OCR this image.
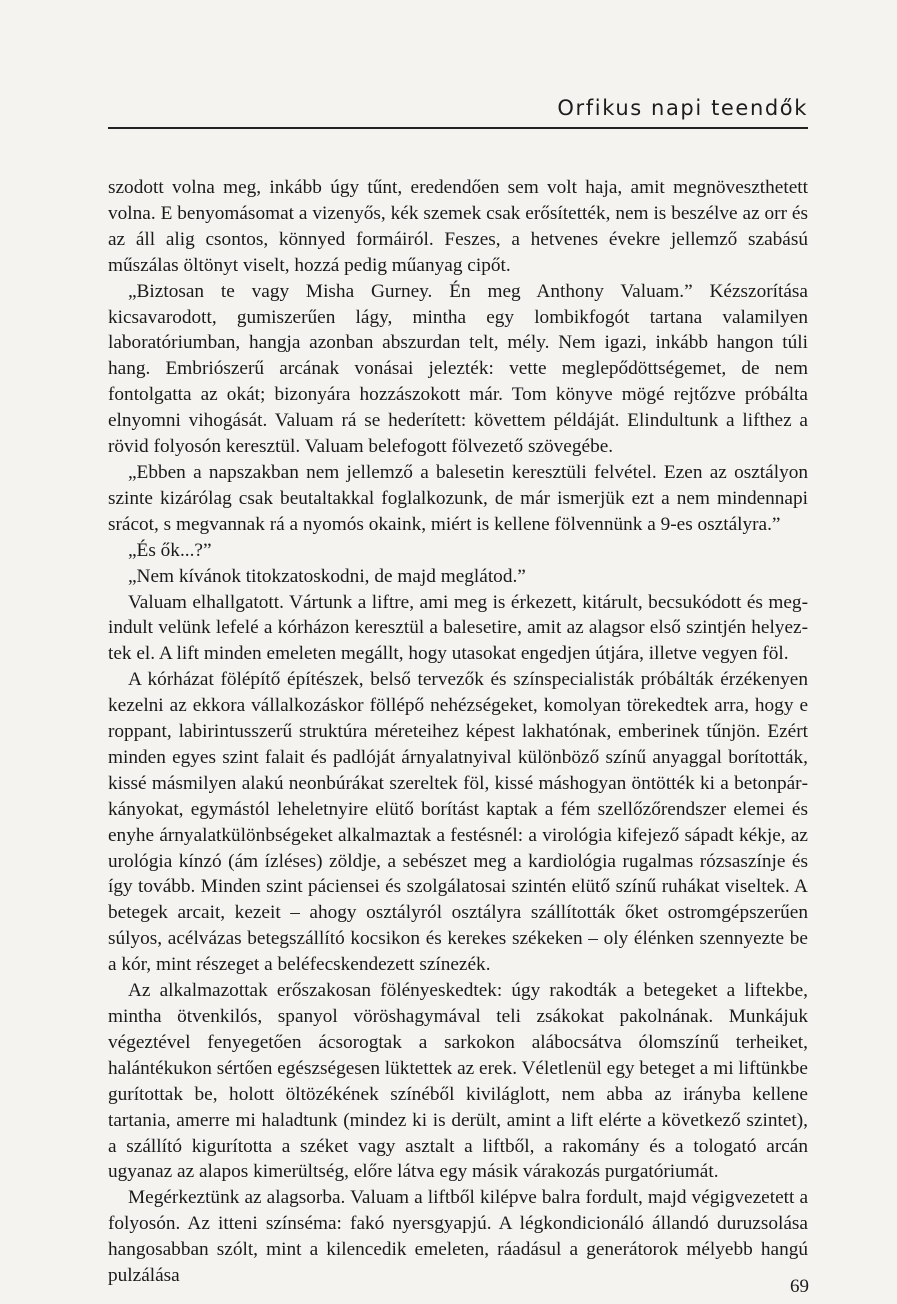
Orfikus napi teendők

szodott volna meg, inkább úgy tűnt, eredendően sem volt haja, amit megnöveszthetett volna. E benyomásomat a vizenyős, kék szemek csak erősítették, nem is beszélve az orr és az áll alig csontos, könnyed formáiról. Feszes, a hetvenes évekre jellemző szabású műszálas öltönyt viselt, hozzá pedig műanyag cipőt.

„Biztosan te vagy Misha Gurney. Én meg Anthony Valuam.” Kézszorítása kicsavarodott, gumiszerűen lágy, mintha egy lombikfogót tartana valamilyen laboratóriumban, hangja azonban abszurdan telt, mély. Nem igazi, inkább hangon túli hang. Embriószerű arcának vonásai jelezték: vette meglepődöttségemet, de nem fontolgatta az okát; bizonyára hozzászokott már. Tom könyve mögé rejtőzve próbálta elnyomni vihogását. Valuam rá se hederített: követtem példáját. Elindultunk a lifthez a rövid folyosón keresztül. Valuam belefogott fölvezető szövegébe.

„Ebben a napszakban nem jellemző a balesetin keresztüli felvétel. Ezen az osztályon szinte kizárólag csak beutaltakkal foglalkozunk, de már ismerjük ezt a nem mindennapi srácot, s megvannak rá a nyomós okaink, miért is kellene fölvennünk a 9-es osztályra.”

„És ők...?”

„Nem kívánok titokzatoskodni, de majd meglátod.”

Valuam elhallgatott. Vártunk a liftre, ami meg is érkezett, kitárult, becsukódott és megindult velünk lefelé a kórházon keresztül a balesetire, amit az alagsor első szintjén helyeztek el. A lift minden emeleten megállt, hogy utasokat engedjen útjára, illetve vegyen föl.

A kórházat fölépítő építészek, belső tervezők és színspecialisták próbálták érzékenyen kezelni az ekkora vállalkozáskor föllépő nehézségeket, komolyan törekedtek arra, hogy e roppant, labirintusszerű struktúra méreteihez képest lakhatónak, emberinek tűnjön. Ezért minden egyes szint falait és padlóját árnyalatnyival különböző színű anyaggal borították, kissé másmilyen alakú neonbúrákat szereltek föl, kissé máshogyan öntötték ki a betonpárkányokat, egymástól leheletnyire elütő borítást kaptak a fém szellőzőrendszer elemei és enyhe árnyalatkülönbségeket alkalmaztak a festésnél: a virológia kifejező sápadt kékje, az urológia kínzó (ám ízléses) zöldje, a sebészet meg a kardiológia rugalmas rózsaszínje és így tovább. Minden szint páciensei és szolgálatosai szintén elütő színű ruhákat viseltek. A betegek arcait, kezeit – ahogy osztályról osztályra szállították őket ostromgépszerűen súlyos, acélvázas betegszállító kocsikon és kerekes székeken – oly élénken szennyezte be a kór, mint részeget a beléfecskendezett színezék.

Az alkalmazottak erőszakosan fölényeskedtek: úgy rakodták a betegeket a liftekbe, mintha ötvenkilós, spanyol vöröshagymával teli zsákokat pakolnának. Munkájuk végeztével fenyegetően ácsorogtak a sarkokon alábocsátva ólomszínű terheiket, halántékukon sértően egészségesen lüktettek az erek. Véletlenül egy beteget a mi liftünkbe gurítottak be, holott öltözékének színéből kiviláglott, nem abba az irányba kellene tartania, amerre mi haladtunk (mindez ki is derült, amint a lift elérte a következő szintet), a szállító kigurította a széket vagy asztalt a liftből, a rakomány és a tologató arcán ugyanaz az alapos kimerültség, előre látva egy másik várakozás purgatóriumát.

Megérkeztünk az alagsorba. Valuam a liftből kilépve balra fordult, majd végigvezetett a folyosón. Az itteni színséma: fakó nyersgyapjú. A légkondicionáló állandó duruzsolása hangosabban szólt, mint a kilencedik emeleten, ráadásul a generátorok mélyebb hangú pulzálása

69
